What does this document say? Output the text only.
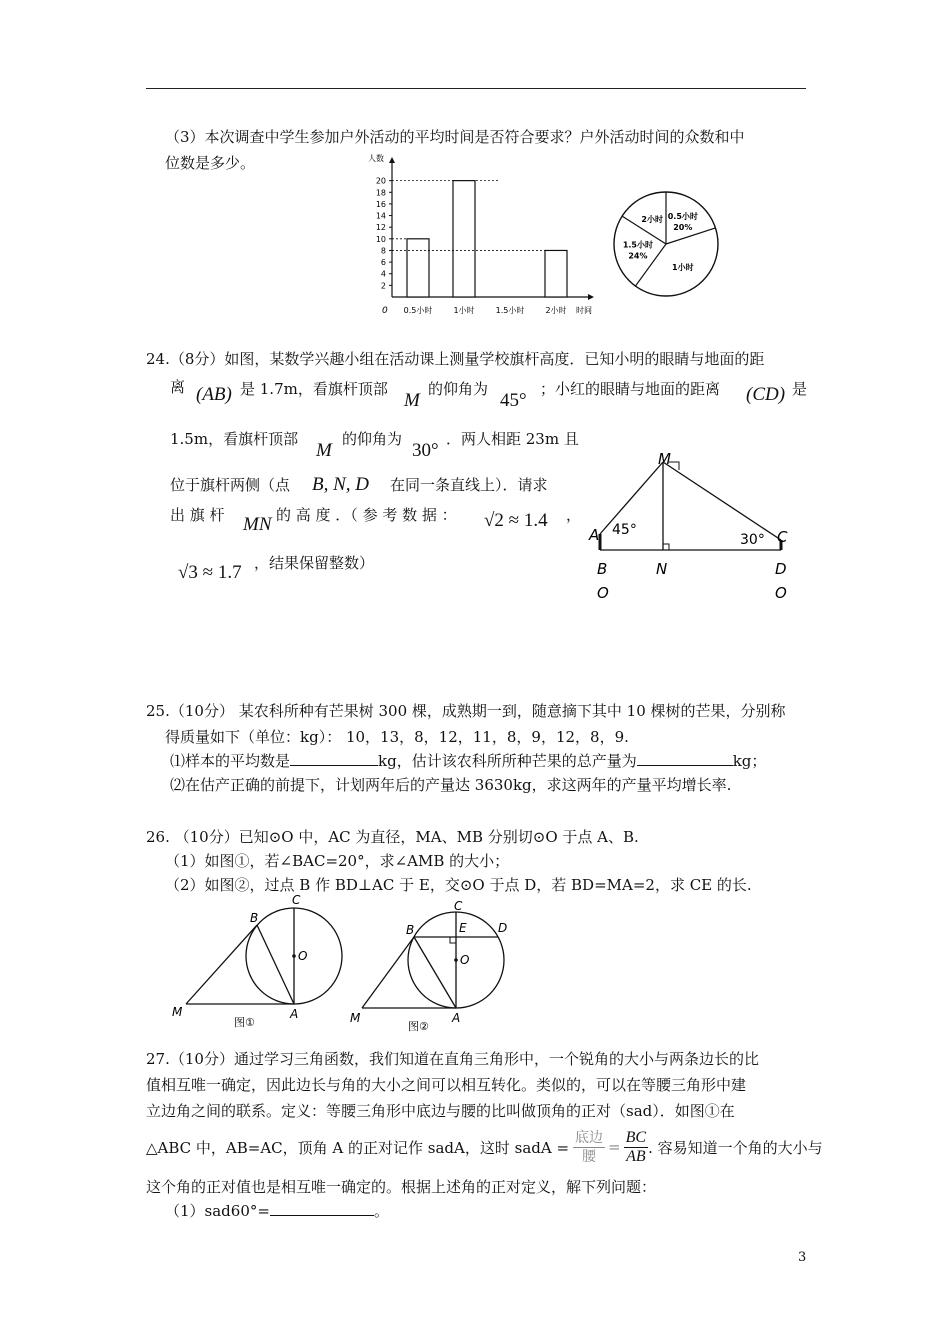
（3）本次调查中学生参加户外活动的平均时间是否符合要求？户外活动时间的众数和中
位数是多少。	人数
时间
0
2
4
6
8
10
12
14
16
18
20
0.5小时	1小时	1.5小时	2小时
0.5小时
20%
1小时
1.5小时
24%
2小时
24.（8分）如图，某数学兴趣小组在活动课上测量学校旗杆高度．已知小明的眼睛与地面的距
离 (AB) 是 1.7m，看旗杆顶部
M
的仰角为
45°
；小红的眼睛与地面的距离 (CD) 是
1.5m，看旗杆顶部
M
的仰角为
30°
．两人相距 23m 且
位于旗杆两侧（点 B, N, D 在同一条直线上）．请求
出 旗 杆 MN 的 高 度 ．（ 参 考 数 据 ： √2 ≈ 1.4 ，
√3 ≈ 1.7 ，结果保留整数）
M
A 45°
30° C
B	N	D
O	O
25.（10分） 某农科所种有芒果树 300 棵，成熟期一到，随意摘下其中 10 棵树的芒果，分别称
得质量如下（单位：kg）： 10，13，8，12，11，8，9，12，8，9.
⑴样本的平均数是	kg，估计该农科所所种芒果的总产量为	kg；
⑵在估产正确的前提下，计划两年后的产量达 3630kg，求这两年的产量平均增长率.
26. （10分）已知⊙O 中，AC 为直径，MA、MB 分别切⊙O 于点 A、B.
（1）如图①，若∠BAC=20°，求∠AMB 的大小；
（2）如图②，过点 B 作 BD⊥AC 于 E，交⊙O 于点 D，若 BD=MA=2，求 CE 的长.
C
B
O
M	A
图①
C
B	E	D
O
M	A
图②
27.（10分）通过学习三角函数，我们知道在直角三角形中，一个锐角的大小与两条边长的比
值相互唯一确定，因此边长与角的大小之间可以相互转化。类似的，可以在等腰三角形中建
立边角之间的联系。定义：等腰三角形中底边与腰的比叫做顶角的正对（sad）．如图①在
△ABC 中，AB=AC，顶角 A 的正对记作 sadA，这时 sadA = $\frac{\text{底边}}{\text{腰}} = \frac{BC}{AB}$ . 容易知道一个角的大小与
这个角的正对值也是相互唯一确定的。根据上述角的正对定义，解下列问题：
（1）sad60°=	。
3
